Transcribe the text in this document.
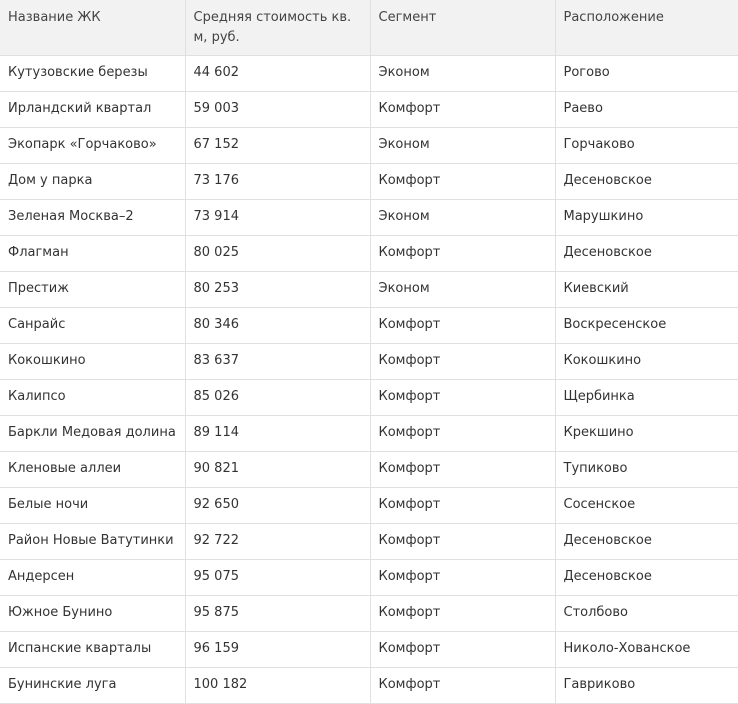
Название ЖК	Средняя стоимость кв. м, руб.	Сегмент	Расположение
Кутузовские березы	44 602	Эконом	Рогово
Ирландский квартал	59 003	Комфорт	Раево
Экопарк «Горчаково»	67 152	Эконом	Горчаково
Дом у парка	73 176	Комфорт	Десеновское
Зеленая Москва–2	73 914	Эконом	Марушкино
Флагман	80 025	Комфорт	Десеновское
Престиж	80 253	Эконом	Киевский
Санрайс	80 346	Комфорт	Воскресенское
Кокошкино	83 637	Комфорт	Кокошкино
Калипсо	85 026	Комфорт	Щербинка
Баркли Медовая долина	89 114	Комфорт	Крекшино
Кленовые аллеи	90 821	Комфорт	Тупиково
Белые ночи	92 650	Комфорт	Сосенское
Район Новые Ватутинки	92 722	Комфорт	Десеновское
Андерсен	95 075	Комфорт	Десеновское
Южное Бунино	95 875	Комфорт	Столбово
Испанские кварталы	96 159	Комфорт	Николо-Хованское
Бунинские луга	100 182	Комфорт	Гавриково
